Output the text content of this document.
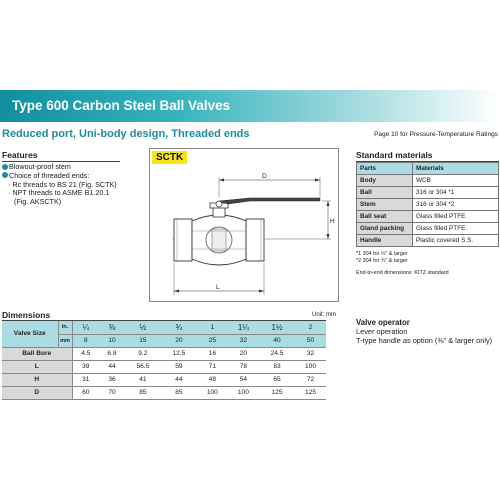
Type 600 Carbon Steel Ball Valves
Reduced port, Uni-body design, Threaded ends	Page 10 for Pressure-Temperature Ratings
Features
Blowout-proof stem
Choice of threaded ends:
· Rc threads to BS 21 (Fig. SCTK)
· NPT threads to ASME B1.20.1
(Fig. AKSCTK)
D
H
L
SCTK	Standard materials
Parts	Materials
Body	WCB
Ball	316 or 304 *1
Stem	316 or 304 *2
Ball seat	Glass filled PTFE
Gland packing	Glass filled PTFE
Handle	Plastic covered S.S.
*1 304 for ½" & larger
*2 304 for ¾" & larger
End-to-end dimensions: KITZ standard
Dimensions	Unit: mm
Valve Size	in.	¼	⅜	½	¾	1	1¼	1½	2
	mm	8	10	15	20	25	32	40	50
Ball Bore		4.5	6.8	9.2	12.5	16	20	24.5	32
L		39	44	56.5	59	71	78	83	100
H		31	36	41	44	48	54	65	72
D		60	70	85	85	100	100	125	125
Valve operator
Lever operation
T-type handle as option (⅜" & larger only)
